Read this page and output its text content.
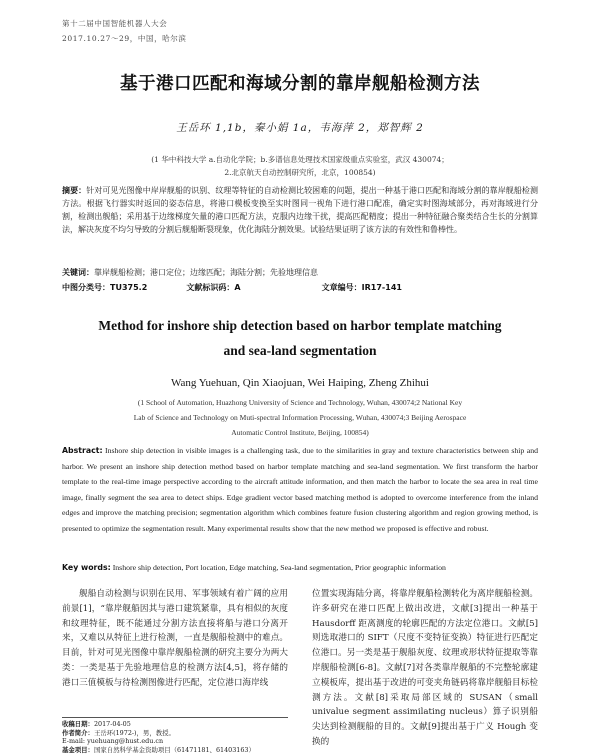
第十二届中国智能机器人大会
2017.10.27～29，中国，哈尔滨
基于港口匹配和海域分割的靠岸舰船检测方法
王岳环 1,1b，秦小娟 1a，韦海萍 2，郑智辉 2
(1 华中科技大学 a.自动化学院；b.多谱信息处理技术国家级重点实验室，武汉 430074；
2.北京航天自动控制研究所，北京，100854)
摘要：针对可见光图像中岸岸舰船的识别、纹理等特征的自动检测比较困难的问题，提出一种基于港口匹配和海域分割的靠岸舰船检测方法。根据飞行器实时返回的姿态信息，将港口模板变换至实时图同一视角下进行港口配准，确定实时图海域部分，再对海域进行分割，检测出舰船；采用基于边缘梯度矢量的港口匹配方法，克服内边缘干扰，提高匹配精度；提出一种特征融合聚类结合生长的分割算法，解决灰度不均匀导致的分割后舰船断裂现象，优化海陆分割效果。试验结果证明了该方法的有效性和鲁棒性。
关键词：靠岸舰船检测；港口定位；边缘匹配；海陆分割；先验地理信息
中图分类号：TU375.2	文献标识码：A	文章编号：IR17-141
Method for inshore ship detection based on harbor template matching
and sea-land segmentation
Wang Yuehuan, Qin Xiaojuan, Wei Haiping, Zheng Zhihui
(1 School of Automation, Huazhong University of Science and Technology, Wuhan, 430074;2 National Key
Lab of Science and Technology on Muti-spectral Information Processing, Wuhan, 430074;3 Beijing Aerospace
Automatic Control Institute, Beijing, 100854)
Abstract: Inshore ship detection in visible images is a challenging task, due to the similarities in gray and texture characteristics between ship and harbor. We present an inshore ship detection method based on harbor template matching and sea-land segmentation. We first transform the harbor template to the real-time image perspective according to the aircraft attitude information, and then match the harbor to locate the sea area in real time image, finally segment the sea area to detect ships. Edge gradient vector based matching method is adopted to overcome interference from the inland edges and improve the matching precision; segmentation algorithm which combines feature fusion clustering algorithm and region growing method, is presented to optimize the segmentation result. Many experimental results show that the new method we proposed is effective and robust.
Key words: Inshore ship detection, Port location, Edge matching, Sea-land segmentation, Prior geographic information
舰船自动检测与识别在民用、军事领域有着广阔的应用前景[1]，“靠岸舰船因其与港口建筑紧靠，具有相似的灰度和纹理特征，既不能通过分割方法直接将船与港口分离开来，又难以从特征上进行检测，一直是舰船检测中的难点。目前，针对可见光图像中靠岸舰船检测的研究主要分为两大类：一类是基于先验地理信息的检测方法[4,5]，将存储的港口三值模板与待检测图像进行匹配，定位港口海岸线
位置实现海陆分离，将靠岸舰船检测转化为离岸舰船检测。许多研究在港口匹配上做出改进，文献[3]提出一种基于 Hausdorff 距离测度的轮廓匹配的方法定位港口。文献[5]则选取港口的 SIFT（尺度不变特征变换）特征进行匹配定位港口。另一类是基于舰船灰度、纹理或形状特征提取等靠岸舰船检测[6-8]。文献[7]对各类靠岸舰船的不完整轮廓建立模板库，提出基于改进的可变夹角链码将靠岸舰船目标检测方法。文献[8]采取局部区域的 SUSAN（small univalue segment assimilating nucleus）算子识别船尖达到检测舰船的目的。文献[9]提出基于广义 Hough 变换的
收稿日期：2017-04-05
作者简介：王岳环(1972-)，男，教授。
E-mail: yuehuang@hust.edu.cn
基金项目：国家自然科学基金资助项目（61471181、61403163）
